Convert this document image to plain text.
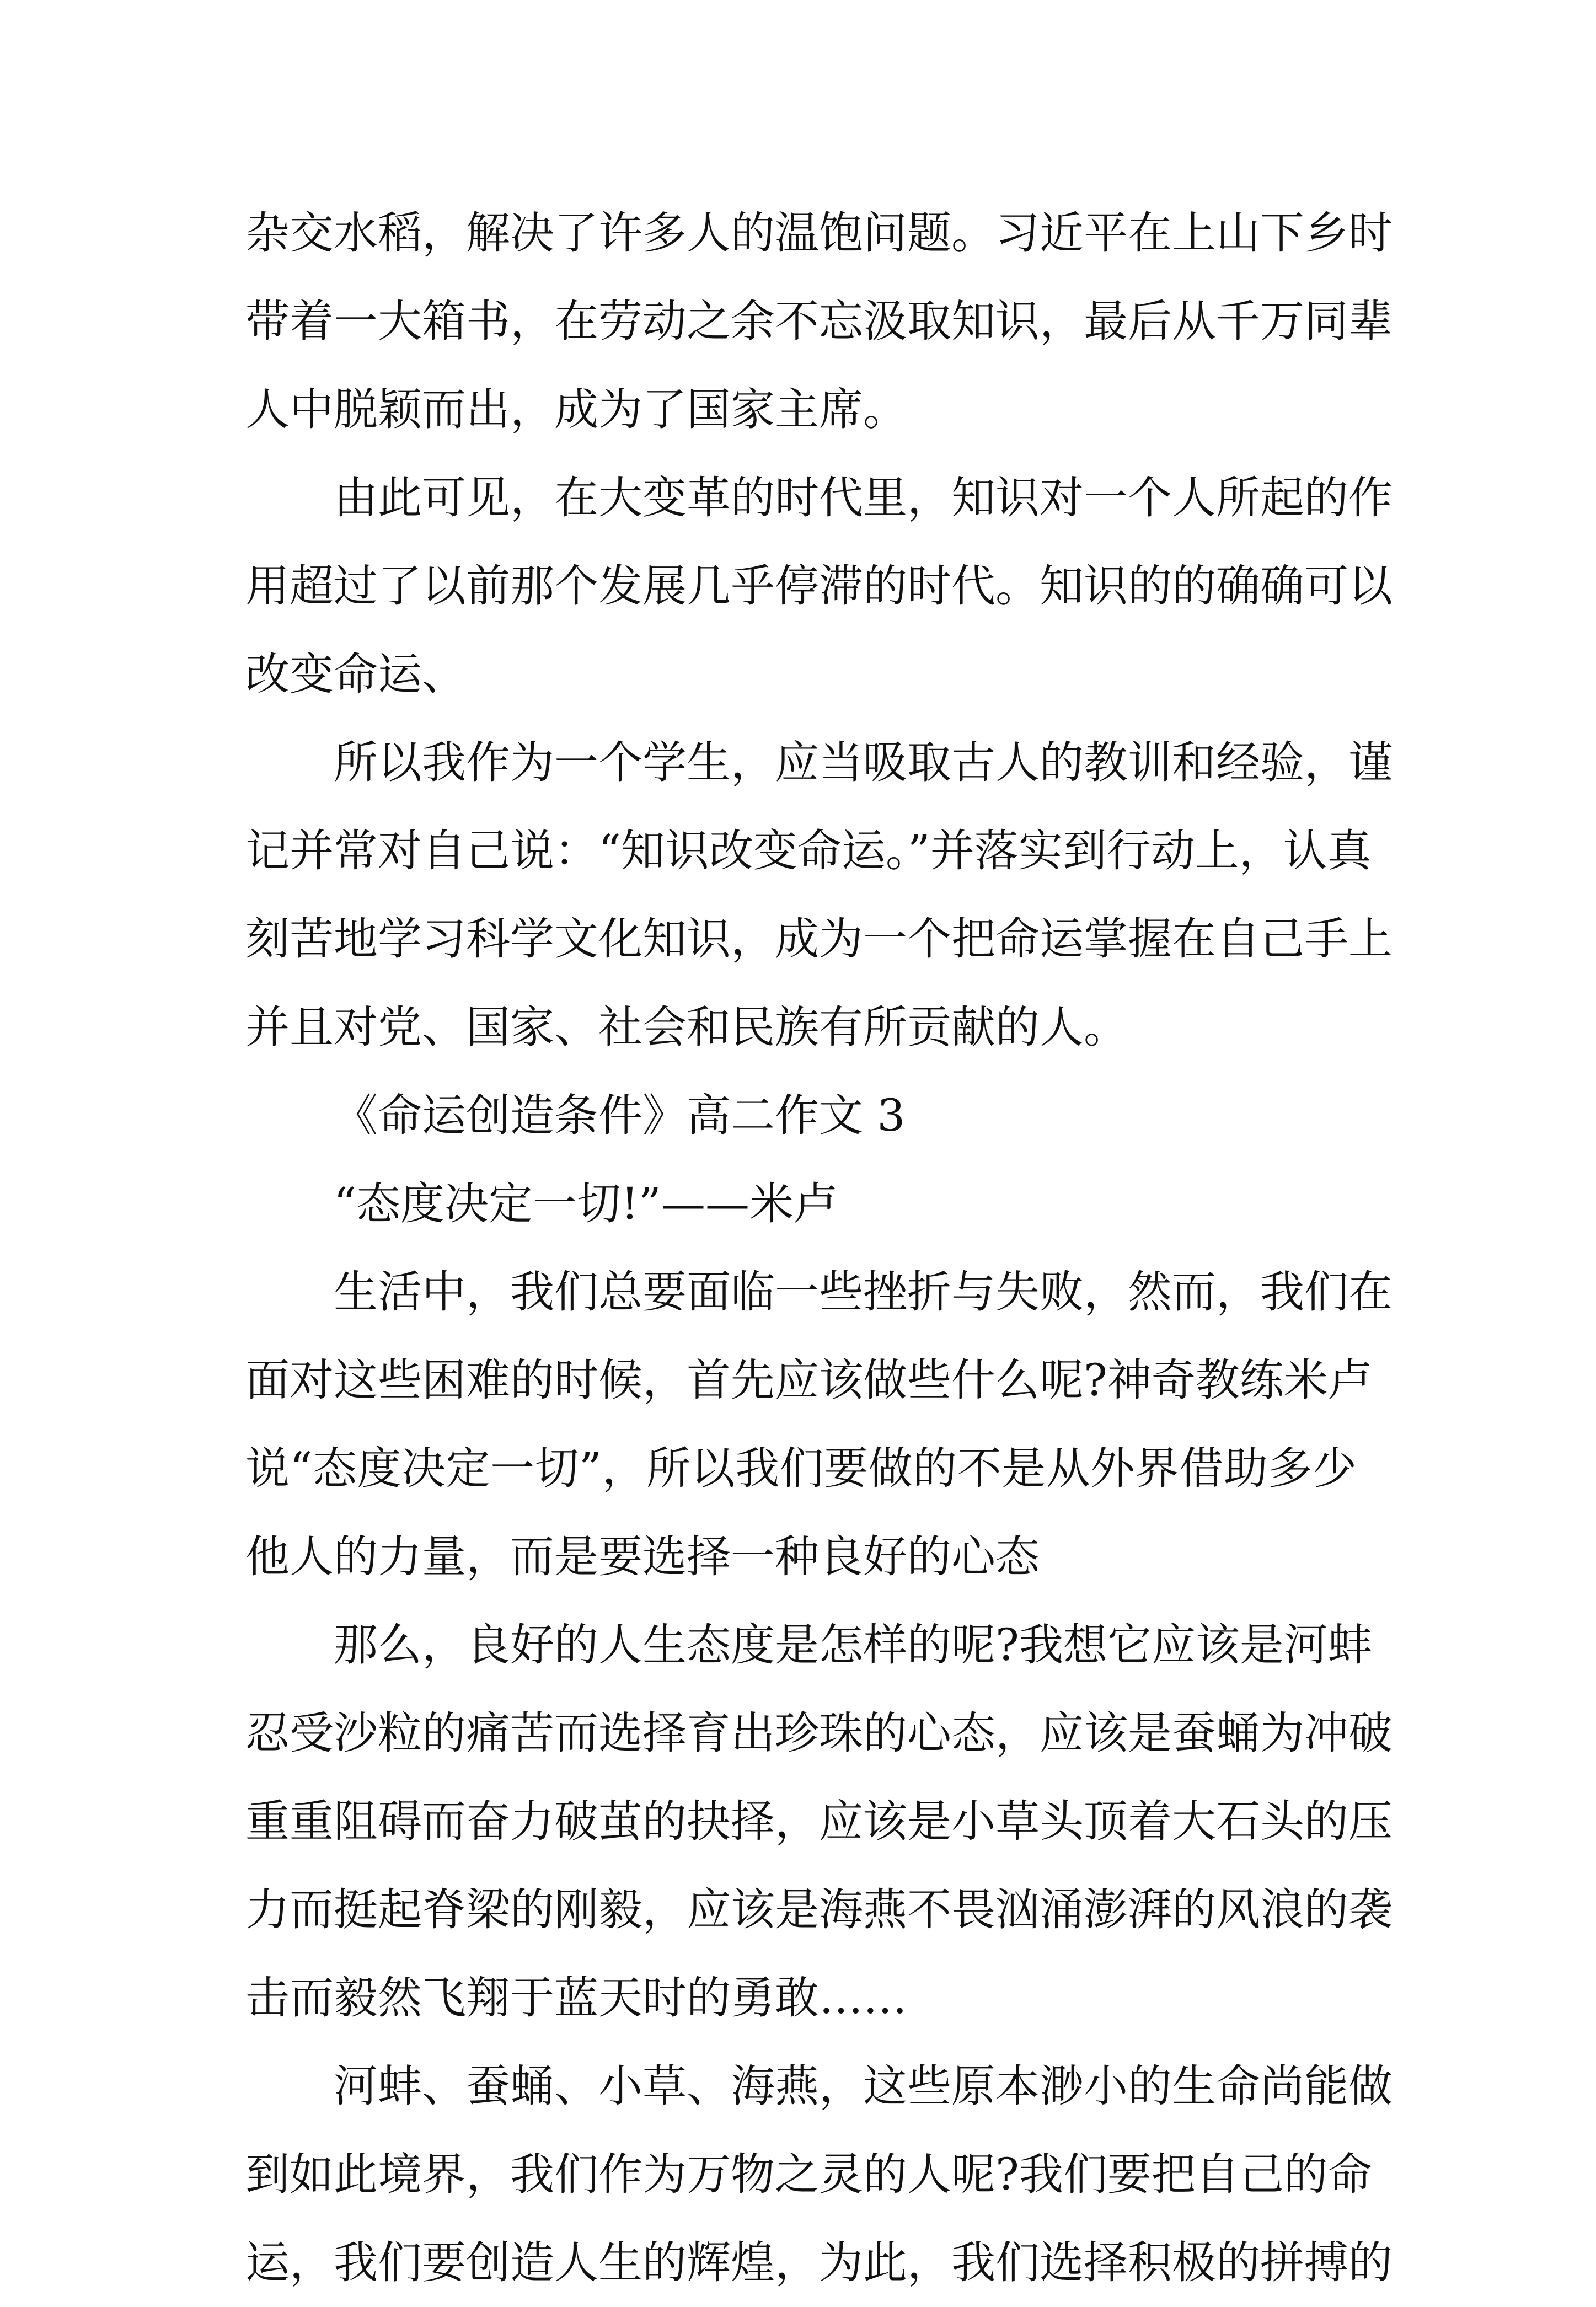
杂交水稻，解决了许多人的温饱问题。习近平在上山下乡时
带着一大箱书，在劳动之余不忘汲取知识，最后从千万同辈
人中脱颖而出，成为了国家主席。
由此可见，在大变革的时代里，知识对一个人所起的作
用超过了以前那个发展几乎停滞的时代。知识的的确确可以
改变命运、
所以我作为一个学生，应当吸取古人的教训和经验，谨
记并常对自己说：“知识改变命运。”并落实到行动上，认真
刻苦地学习科学文化知识，成为一个把命运掌握在自己手上
并且对党、国家、社会和民族有所贡献的人。
《命运创造条件》高二作文 3
“态度决定一切!”——米卢
生活中，我们总要面临一些挫折与失败，然而，我们在
面对这些困难的时候，首先应该做些什么呢?神奇教练米卢
说“态度决定一切”，所以我们要做的不是从外界借助多少
他人的力量，而是要选择一种良好的心态
那么，良好的人生态度是怎样的呢?我想它应该是河蚌
忍受沙粒的痛苦而选择育出珍珠的心态，应该是蚕蛹为冲破
重重阻碍而奋力破茧的抉择，应该是小草头顶着大石头的压
力而挺起脊梁的刚毅，应该是海燕不畏汹涌澎湃的风浪的袭
击而毅然飞翔于蓝天时的勇敢……
河蚌、蚕蛹、小草、海燕，这些原本渺小的生命尚能做
到如此境界，我们作为万物之灵的人呢?我们要把自己的命
运，我们要创造人生的辉煌，为此，我们选择积极的拼搏的
